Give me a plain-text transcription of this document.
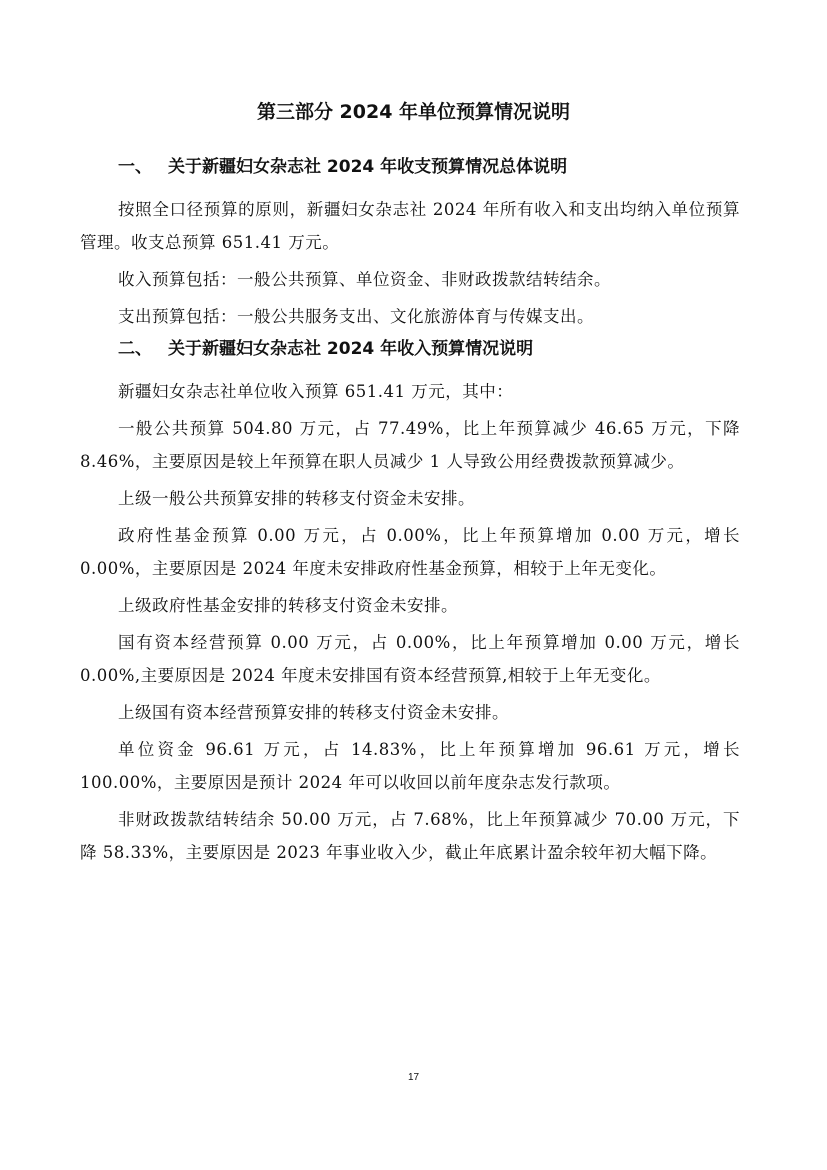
第三部分 2024 年单位预算情况说明
一、 关于新疆妇女杂志社 2024 年收支预算情况总体说明

按照全口径预算的原则，新疆妇女杂志社 2024 年所有收入和支出均纳入单位预算管理。收支总预算 651.41 万元。

收入预算包括：一般公共预算、单位资金、非财政拨款结转结余。

支出预算包括：一般公共服务支出、文化旅游体育与传媒支出。

二、 关于新疆妇女杂志社 2024 年收入预算情况说明

新疆妇女杂志社单位收入预算 651.41 万元，其中：

一般公共预算 504.80 万元，占 77.49%，比上年预算减少 46.65 万元，下降 8.46%，主要原因是较上年预算在职人员减少 1 人导致公用经费拨款预算减少。

上级一般公共预算安排的转移支付资金未安排。

政府性基金预算 0.00 万元，占 0.00%，比上年预算增加 0.00 万元，增长 0.00%，主要原因是 2024 年度未安排政府性基金预算，相较于上年无变化。

上级政府性基金安排的转移支付资金未安排。

国有资本经营预算 0.00 万元，占 0.00%，比上年预算增加 0.00 万元，增长 0.00%,主要原因是 2024 年度未安排国有资本经营预算,相较于上年无变化。

上级国有资本经营预算安排的转移支付资金未安排。

单位资金 96.61 万元，占 14.83%，比上年预算增加 96.61 万元，增长 100.00%，主要原因是预计 2024 年可以收回以前年度杂志发行款项。

非财政拨款结转结余 50.00 万元，占 7.68%，比上年预算减少 70.00 万元，下降 58.33%，主要原因是 2023 年事业收入少，截止年底累计盈余较年初大幅下降。

17
